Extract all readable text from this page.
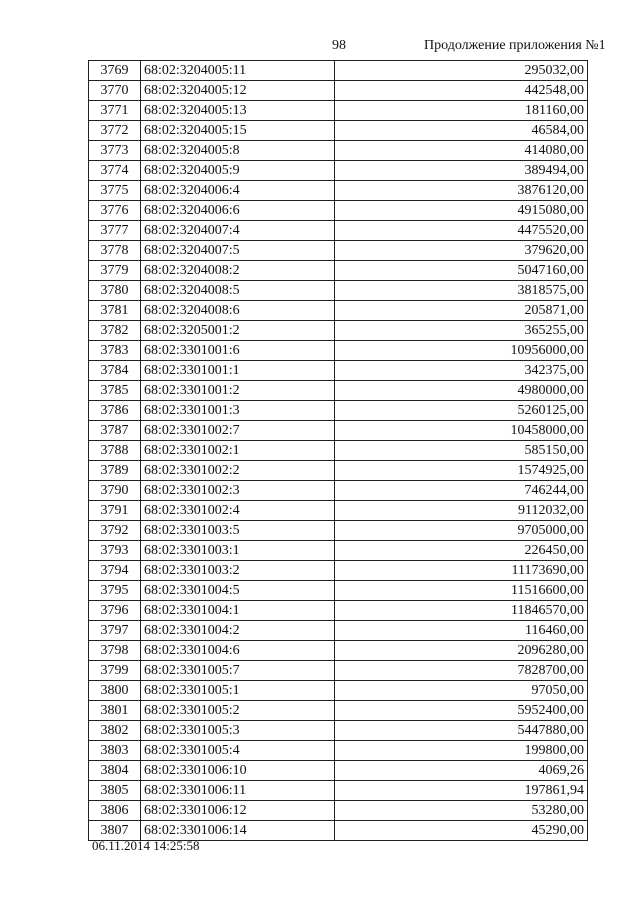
98	Продолжение приложения №1
3769	68:02:3204005:11	295032,00
3770	68:02:3204005:12	442548,00
3771	68:02:3204005:13	181160,00
3772	68:02:3204005:15	46584,00
3773	68:02:3204005:8	414080,00
3774	68:02:3204005:9	389494,00
3775	68:02:3204006:4	3876120,00
3776	68:02:3204006:6	4915080,00
3777	68:02:3204007:4	4475520,00
3778	68:02:3204007:5	379620,00
3779	68:02:3204008:2	5047160,00
3780	68:02:3204008:5	3818575,00
3781	68:02:3204008:6	205871,00
3782	68:02:3205001:2	365255,00
3783	68:02:3301001:6	10956000,00
3784	68:02:3301001:1	342375,00
3785	68:02:3301001:2	4980000,00
3786	68:02:3301001:3	5260125,00
3787	68:02:3301002:7	10458000,00
3788	68:02:3301002:1	585150,00
3789	68:02:3301002:2	1574925,00
3790	68:02:3301002:3	746244,00
3791	68:02:3301002:4	9112032,00
3792	68:02:3301003:5	9705000,00
3793	68:02:3301003:1	226450,00
3794	68:02:3301003:2	11173690,00
3795	68:02:3301004:5	11516600,00
3796	68:02:3301004:1	11846570,00
3797	68:02:3301004:2	116460,00
3798	68:02:3301004:6	2096280,00
3799	68:02:3301005:7	7828700,00
3800	68:02:3301005:1	97050,00
3801	68:02:3301005:2	5952400,00
3802	68:02:3301005:3	5447880,00
3803	68:02:3301005:4	199800,00
3804	68:02:3301006:10	4069,26
3805	68:02:3301006:11	197861,94
3806	68:02:3301006:12	53280,00
3807	68:02:3301006:14	45290,00
06.11.2014 14:25:58
